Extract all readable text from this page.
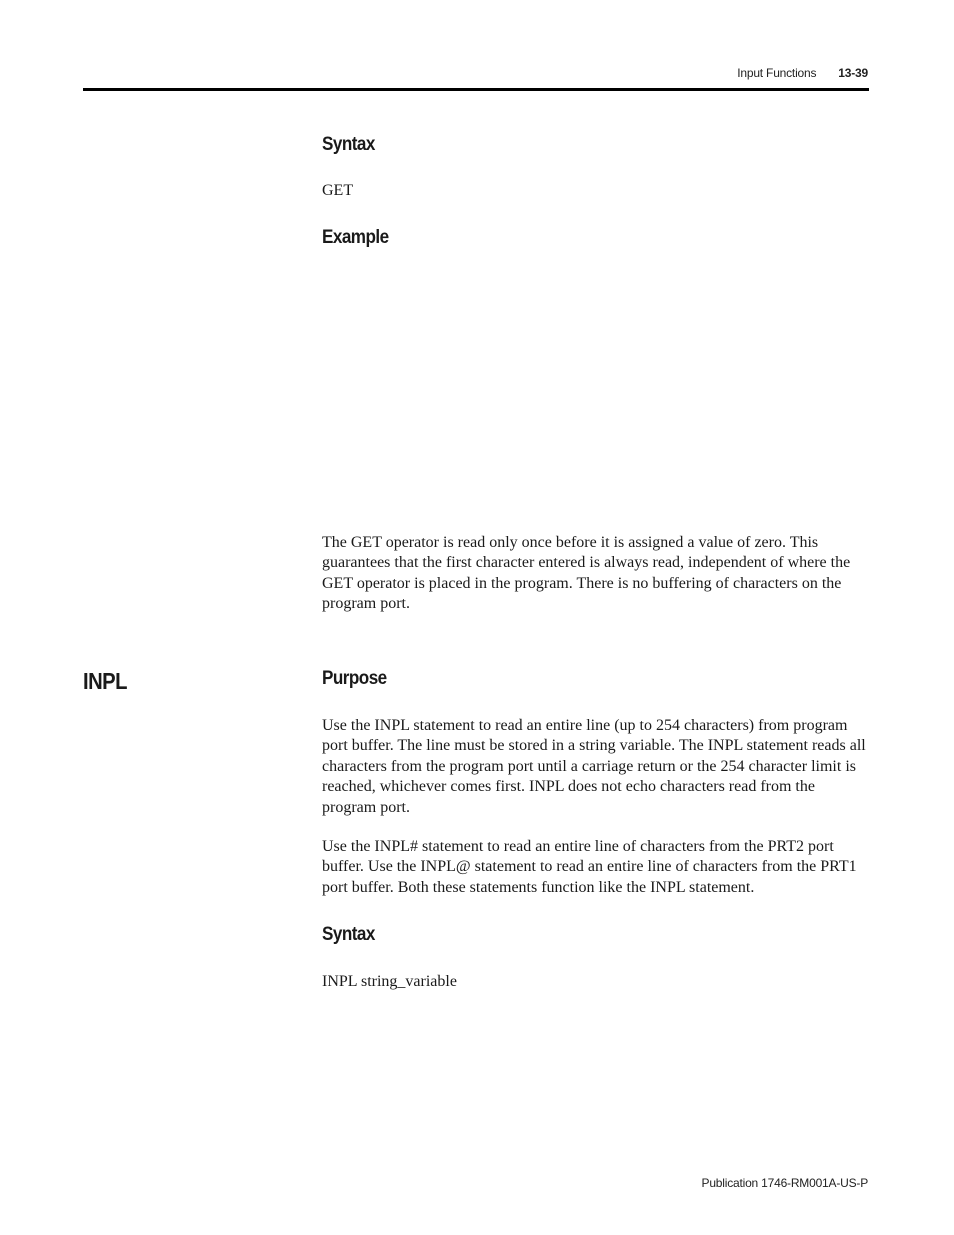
Input Functions 13-39
Syntax

GET

Example

The GET operator is read only once before it is assigned a value of zero. This guarantees that the first character entered is always read, independent of where the GET operator is placed in the program. There is no buffering of characters on the program port.

INPL	Purpose

Use the INPL statement to read an entire line (up to 254 characters) from program port buffer. The line must be stored in a string variable. The INPL statement reads all characters from the program port until a carriage return or the 254 character limit is reached, whichever comes first. INPL does not echo characters read from the program port.

Use the INPL# statement to read an entire line of characters from the PRT2 port buffer. Use the INPL@ statement to read an entire line of characters from the PRT1 port buffer. Both these statements function like the INPL statement.

Syntax

INPL string_variable

Publication 1746-RM001A-US-P
